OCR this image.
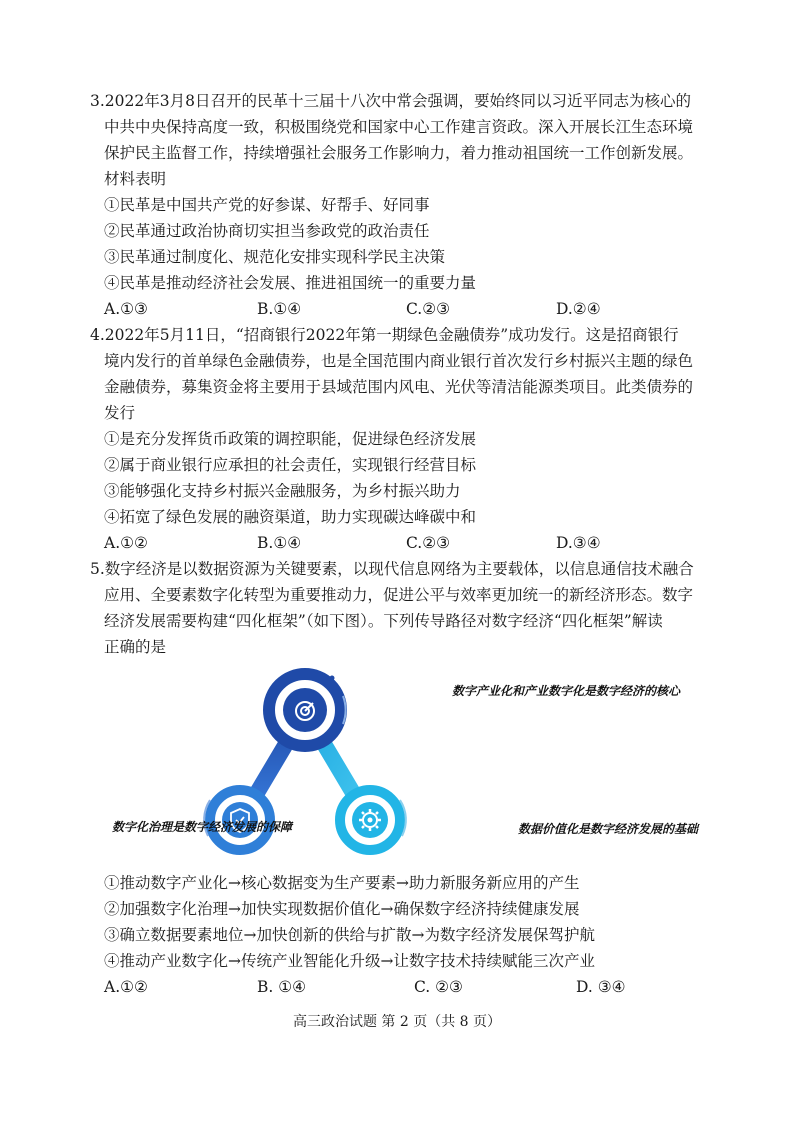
3.2022年3月8日召开的民革十三届十八次中常会强调，要始终同以习近平同志为核心的
中共中央保持高度一致，积极围绕党和国家中心工作建言资政。深入开展长江生态环境
保护民主监督工作，持续增强社会服务工作影响力，着力推动祖国统一工作创新发展。
材料表明
①民革是中国共产党的好参谋、好帮手、好同事
②民革通过政治协商切实担当参政党的政治责任
③民革通过制度化、规范化安排实现科学民主决策
④民革是推动经济社会发展、推进祖国统一的重要力量
A.①③	B.①④	C.②③	D.②④
4.2022年5月11日，“招商银行2022年第一期绿色金融债券”成功发行。这是招商银行
境内发行的首单绿色金融债券，也是全国范围内商业银行首次发行乡村振兴主题的绿色
金融债券，募集资金将主要用于县域范围内风电、光伏等清洁能源类项目。此类债券的
发行
①是充分发挥货币政策的调控职能，促进绿色经济发展
②属于商业银行应承担的社会责任，实现银行经营目标
③能够强化支持乡村振兴金融服务，为乡村振兴助力
④拓宽了绿色发展的融资渠道，助力实现碳达峰碳中和
A.①②	B.①④	C.②③	D.③④
5.数字经济是以数据资源为关键要素，以现代信息网络为主要载体，以信息通信技术融合
应用、全要素数字化转型为重要推动力，促进公平与效率更加统一的新经济形态。数字
经济发展需要构建“四化框架”（如下图）。下列传导路径对数字经济“四化框架”解读
正确的是
数字产业化和产业数字化是数字经济的核心
数字化治理是数字经济发展的保障	数据价值化是数字经济发展的基础
①推动数字产业化→核心数据变为生产要素→助力新服务新应用的产生
②加强数字化治理→加快实现数据价值化→确保数字经济持续健康发展
③确立数据要素地位→加快创新的供给与扩散→为数字经济发展保驾护航
④推动产业数字化→传统产业智能化升级→让数字技术持续赋能三次产业
A.①②	B. ①④	C. ②③	D. ③④
高三政治试题 第 2 页（共 8 页）
